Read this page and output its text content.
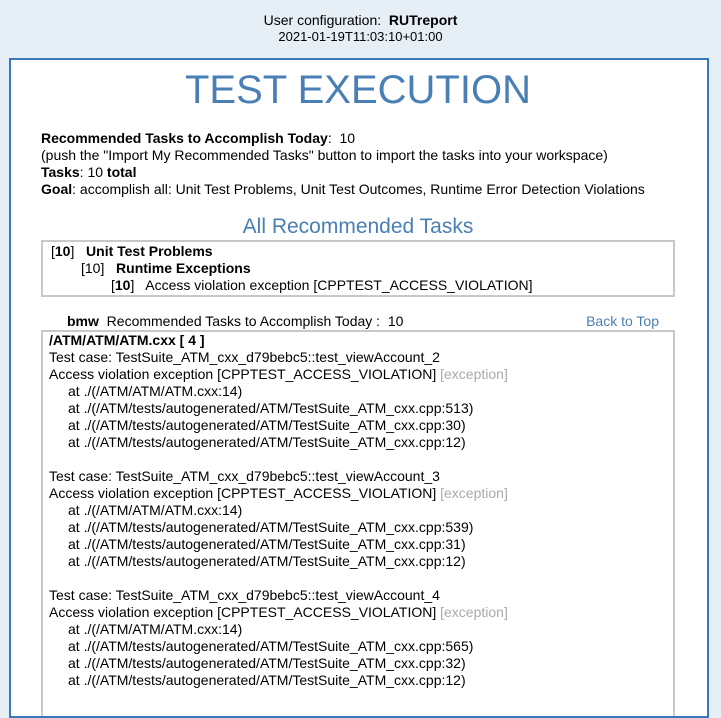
User configuration: RUTreport
2021-01-19T11:03:10+01:00
TEST EXECUTION
Recommended Tasks to Accomplish Today:  10
(push the "Import My Recommended Tasks" button to import the tasks into your workspace)
Tasks: 10 total
Goal: accomplish all: Unit Test Problems, Unit Test Outcomes, Runtime Error Detection Violations
All Recommended Tasks
[10]   Unit Test Problems
[10]   Runtime Exceptions
[10]   Access violation exception [CPPTEST_ACCESS_VIOLATION]
bmw Recommended Tasks to Accomplish Today : 10	Back to Top
/ATM/ATM/ATM.cxx [ 4 ]
Test case: TestSuite_ATM_cxx_d79bebc5::test_viewAccount_2
Access violation exception [CPPTEST_ACCESS_VIOLATION] [exception]
at ./(/ATM/ATM/ATM.cxx:14)
at ./(/ATM/tests/autogenerated/ATM/TestSuite_ATM_cxx.cpp:513)
at ./(/ATM/tests/autogenerated/ATM/TestSuite_ATM_cxx.cpp:30)
at ./(/ATM/tests/autogenerated/ATM/TestSuite_ATM_cxx.cpp:12)
Test case: TestSuite_ATM_cxx_d79bebc5::test_viewAccount_3
Access violation exception [CPPTEST_ACCESS_VIOLATION] [exception]
at ./(/ATM/ATM/ATM.cxx:14)
at ./(/ATM/tests/autogenerated/ATM/TestSuite_ATM_cxx.cpp:539)
at ./(/ATM/tests/autogenerated/ATM/TestSuite_ATM_cxx.cpp:31)
at ./(/ATM/tests/autogenerated/ATM/TestSuite_ATM_cxx.cpp:12)
Test case: TestSuite_ATM_cxx_d79bebc5::test_viewAccount_4
Access violation exception [CPPTEST_ACCESS_VIOLATION] [exception]
at ./(/ATM/ATM/ATM.cxx:14)
at ./(/ATM/tests/autogenerated/ATM/TestSuite_ATM_cxx.cpp:565)
at ./(/ATM/tests/autogenerated/ATM/TestSuite_ATM_cxx.cpp:32)
at ./(/ATM/tests/autogenerated/ATM/TestSuite_ATM_cxx.cpp:12)
